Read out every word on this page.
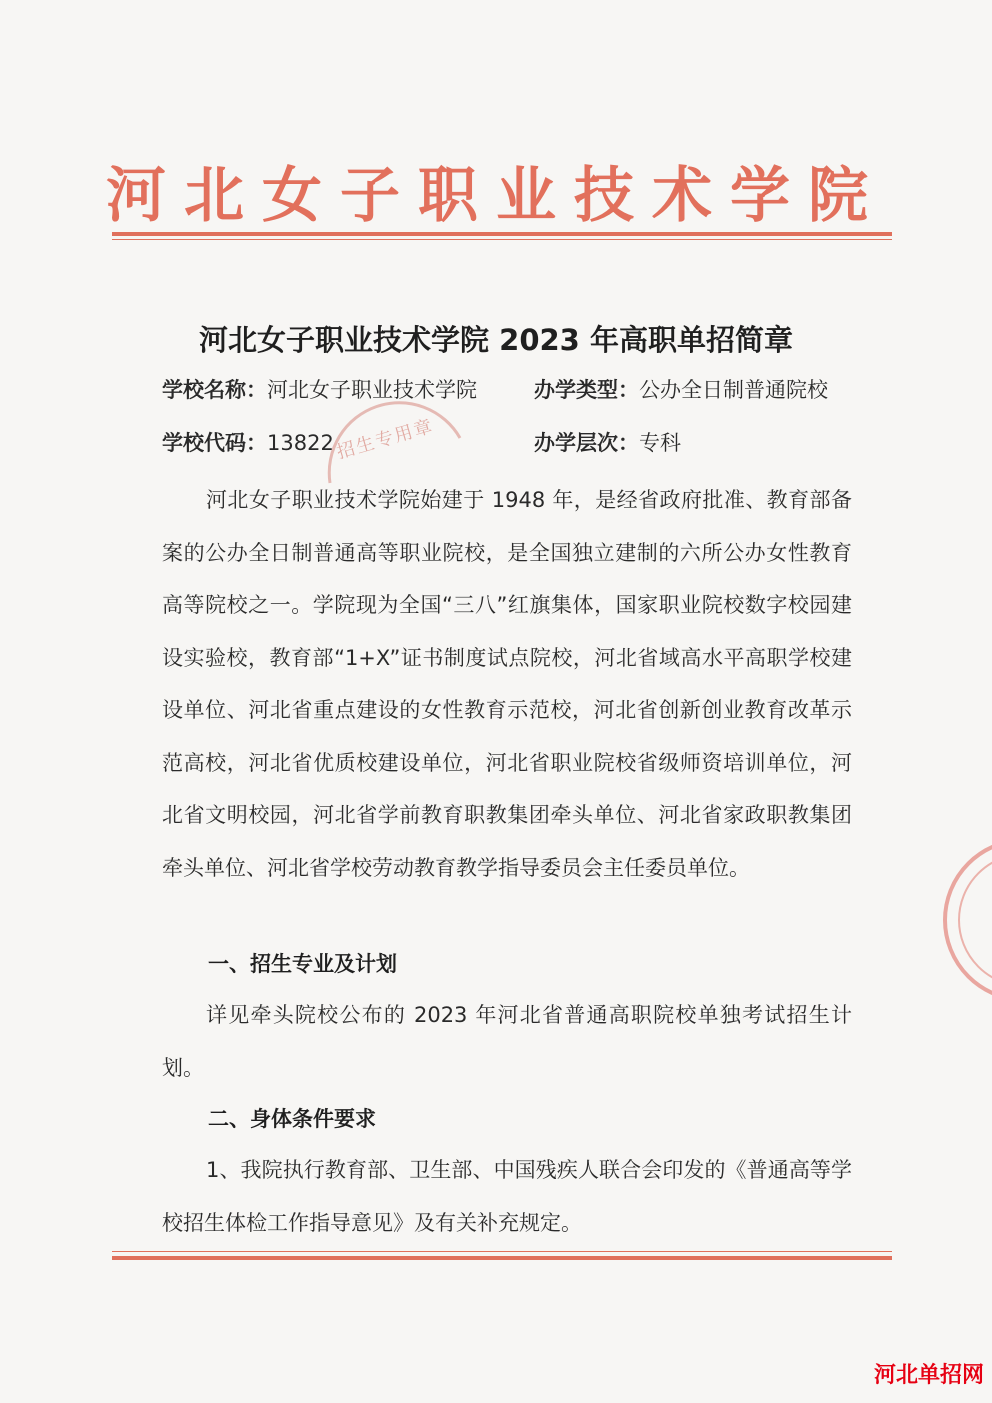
河北女子职业技术学院
河北女子职业技术学院 2023 年高职单招简章
学校名称：河北女子职业技术学院	办学类型：公办全日制普通院校
学校代码：13822	办学层次：专科
招生专用章
河北女子职业技术学院始建于 1948 年，是经省政府批准、教育部备案的公办全日制普通高等职业院校，是全国独立建制的六所公办女性教育高等院校之一。学院现为全国“三八”红旗集体，国家职业院校数字校园建设实验校，教育部“1+X”证书制度试点院校，河北省域高水平高职学校建设单位、河北省重点建设的女性教育示范校，河北省创新创业教育改革示范高校，河北省优质校建设单位，河北省职业院校省级师资培训单位，河北省文明校园，河北省学前教育职教集团牵头单位、河北省家政职教集团牵头单位、河北省学校劳动教育教学指导委员会主任委员单位。
一、招生专业及计划
详见牵头院校公布的 2023 年河北省普通高职院校单独考试招生计划。
二、身体条件要求
1、我院执行教育部、卫生部、中国残疾人联合会印发的《普通高等学校招生体检工作指导意见》及有关补充规定。
河北单招网
